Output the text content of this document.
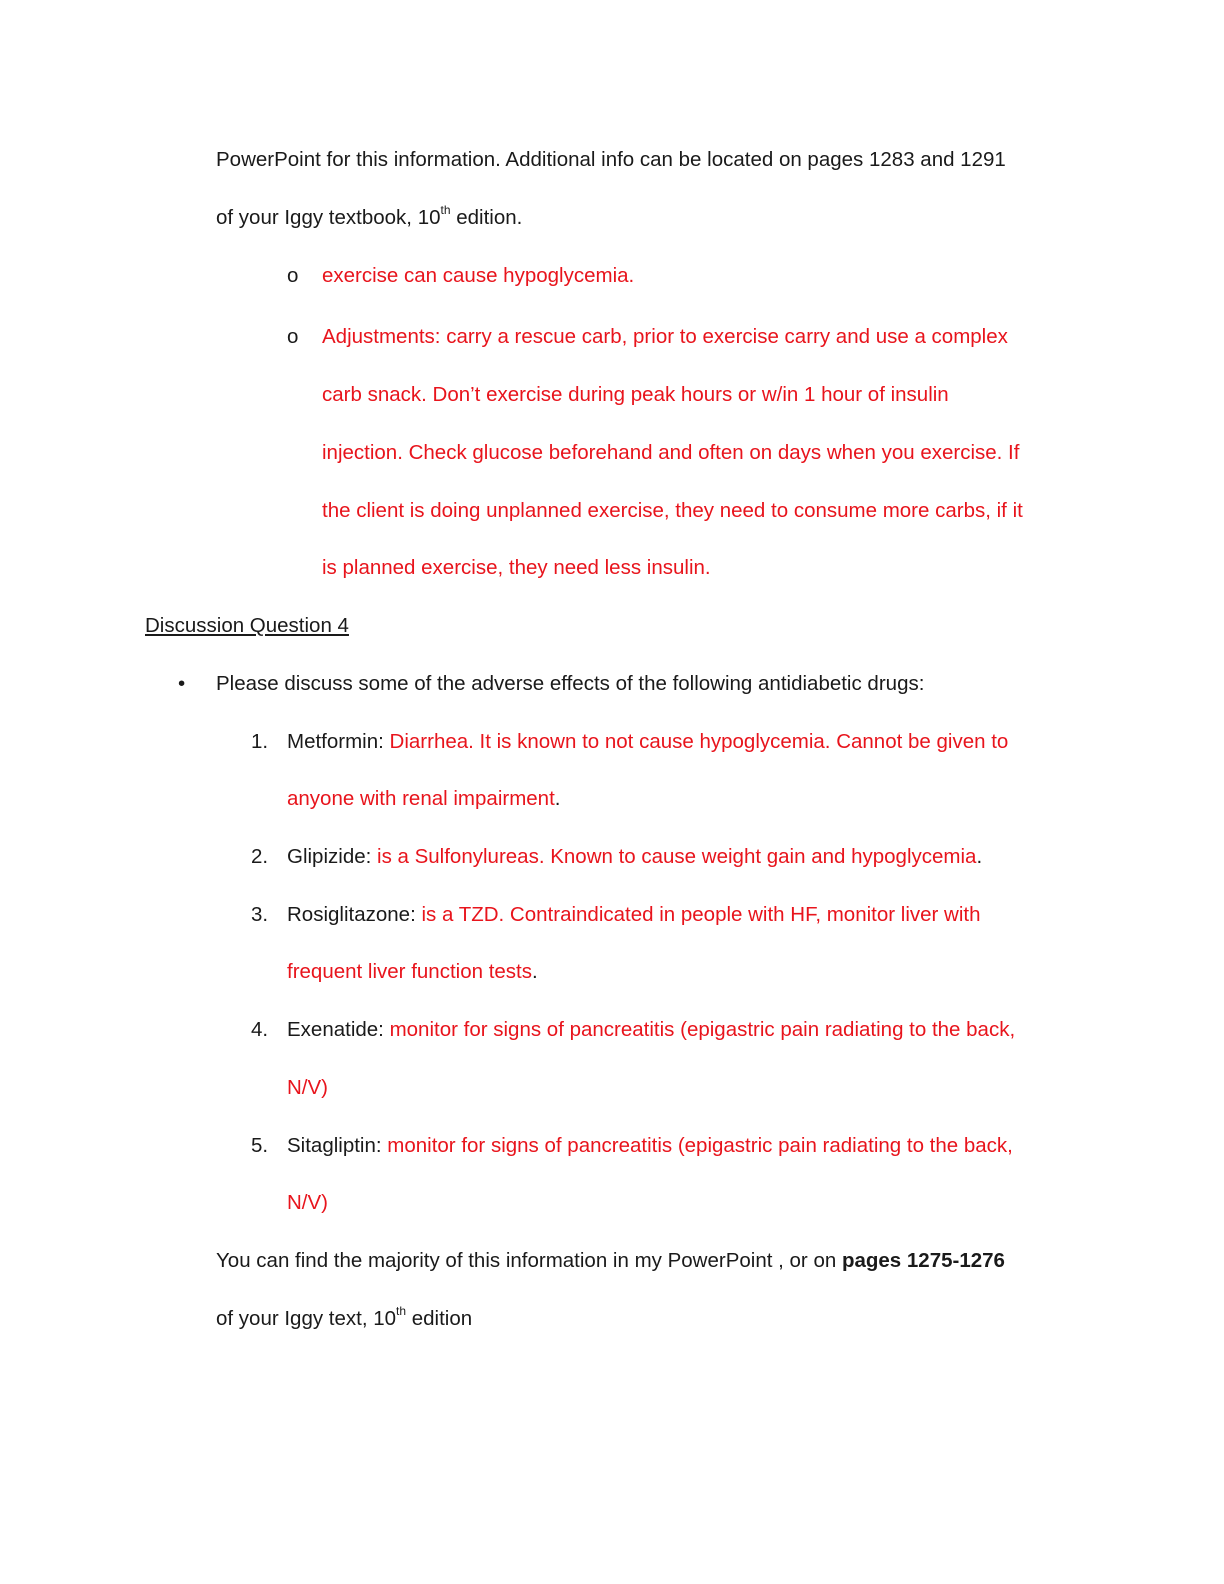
PowerPoint for this information. Additional info can be located on pages 1283 and 1291
of your Iggy textbook, 10th edition.
o exercise can cause hypoglycemia.
o Adjustments: carry a rescue carb, prior to exercise carry and use a complex
carb snack. Don’t exercise during peak hours or w/in 1 hour of insulin
injection. Check glucose beforehand and often on days when you exercise. If
the client is doing unplanned exercise, they need to consume more carbs, if it
is planned exercise, they need less insulin.
Discussion Question 4
• Please discuss some of the adverse effects of the following antidiabetic drugs:
1. Metformin: Diarrhea. It is known to not cause hypoglycemia. Cannot be given to
anyone with renal impairment.
2. Glipizide: is a Sulfonylureas. Known to cause weight gain and hypoglycemia.
3. Rosiglitazone: is a TZD. Contraindicated in people with HF, monitor liver with
frequent liver function tests.
4. Exenatide: monitor for signs of pancreatitis (epigastric pain radiating to the back,
N/V)
5. Sitagliptin: monitor for signs of pancreatitis (epigastric pain radiating to the back,
N/V)
You can find the majority of this information in my PowerPoint , or on pages 1275-1276
of your Iggy text, 10th edition
